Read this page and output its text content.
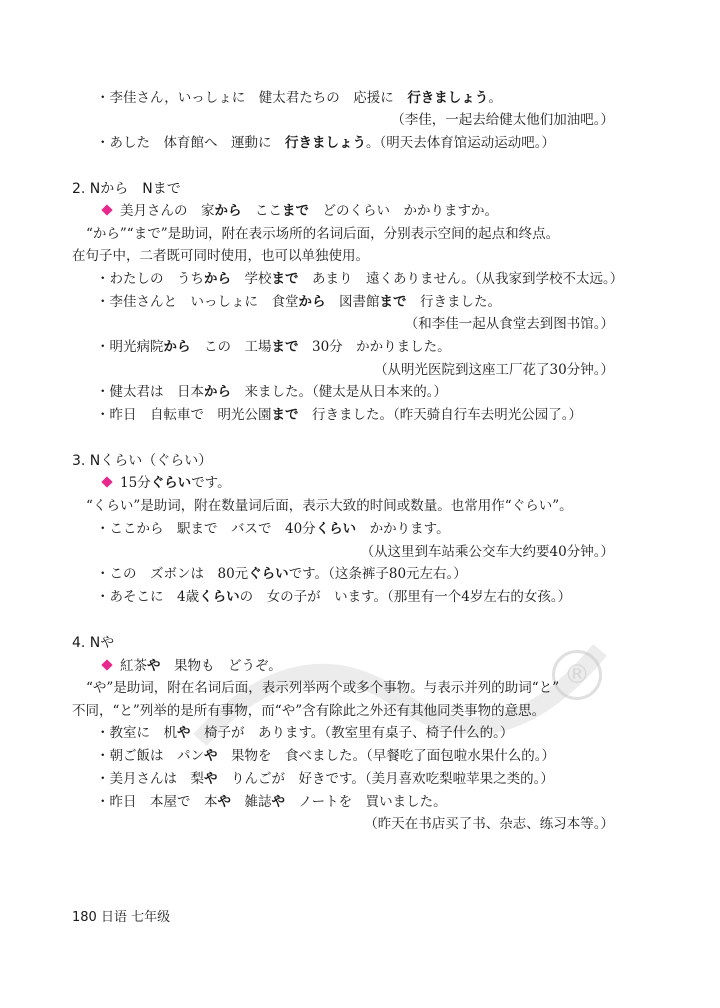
®
・李佳さん，いっしょに　健太君たちの　応援に　行きましょう。
（李佳，一起去给健太他们加油吧。）
・あした　体育館へ　運動に　行きましょう。（明天去体育馆运动运动吧。）
2. Nから　Nまで
美月さんの　家から　ここまで　どのくらい　かかりますか。
“から”“まで”是助词，附在表示场所的名词后面，分别表示空间的起点和终点。
在句子中，二者既可同时使用，也可以单独使用。
・わたしの　うちから　学校まで　あまり　遠くありません。（从我家到学校不太远。）
・李佳さんと　いっしょに　食堂から　図書館まで　行きました。
（和李佳一起从食堂去到图书馆。）
・明光病院から　この　工場まで　30分　かかりました。
（从明光医院到这座工厂花了30分钟。）
・健太君は　日本から　来ました。（健太是从日本来的。）
・昨日　自転車で　明光公園まで　行きました。（昨天骑自行车去明光公园了。）
3. Nくらい（ぐらい）
15分ぐらいです。
“くらい”是助词，附在数量词后面，表示大致的时间或数量。也常用作“ぐらい”。
・ここから　駅まで　バスで　40分くらい　かかります。
（从这里到车站乘公交车大约要40分钟。）
・この　ズボンは　80元ぐらいです。（这条裤子80元左右。）
・あそこに　4歳くらいの　女の子が　います。（那里有一个4岁左右的女孩。）
4. Nや
紅茶や　果物も　どうぞ。
“や”是助词，附在名词后面，表示列举两个或多个事物。与表示并列的助词“と”
不同，“と”列举的是所有事物，而“や”含有除此之外还有其他同类事物的意思。
・教室に　机や　椅子が　あります。（教室里有桌子、椅子什么的。）
・朝ご飯は　パンや　果物を　食べました。（早餐吃了面包啦水果什么的。）
・美月さんは　梨や　りんごが　好きです。（美月喜欢吃梨啦苹果之类的。）
・昨日　本屋で　本や　雑誌や　ノートを　買いました。
（昨天在书店买了书、杂志、练习本等。）
180 日语 七年级
